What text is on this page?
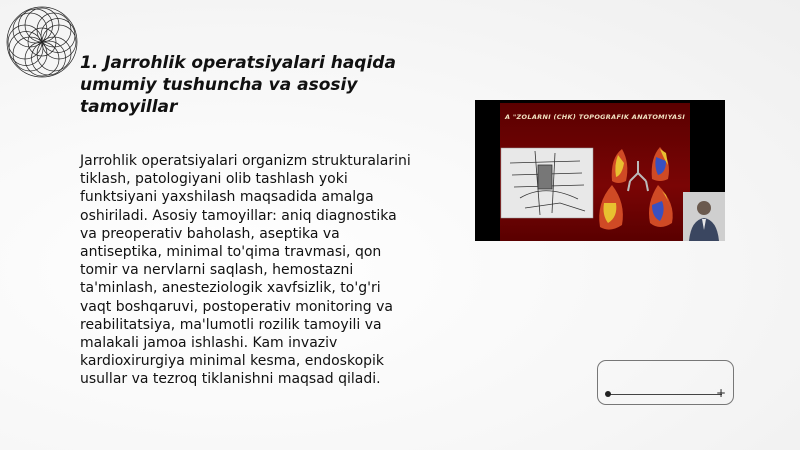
1. Jarrohlik operatsiyalari haqida umumiy tushuncha va asosiy tamoyillar
Jarrohlik operatsiyalari organizm strukturalarini tiklash, patologiyani olib tashlash yoki funktsiyani yaxshilash maqsadida amalga oshiriladi. Asosiy tamoyillar: aniq diagnostika va preoperativ baholash, aseptika va antiseptika, minimal to'qima travmasi, qon tomir va nervlarni saqlash, hemostazni ta'minlash, anesteziologik xavfsizlik, to'g'ri vaqt boshqaruvi, postoperativ monitoring va reabilitatsiya, ma'lumotli rozilik tamoyili va malakali jamoa ishlashi. Kam invaziv kardioxirurgiya minimal kesma, endoskopik usullar va tezroq tiklanishni maqsad qiladi.
A "ZOLARNI (CHK) TOPOGRAFIK ANATOMIYASI
+
